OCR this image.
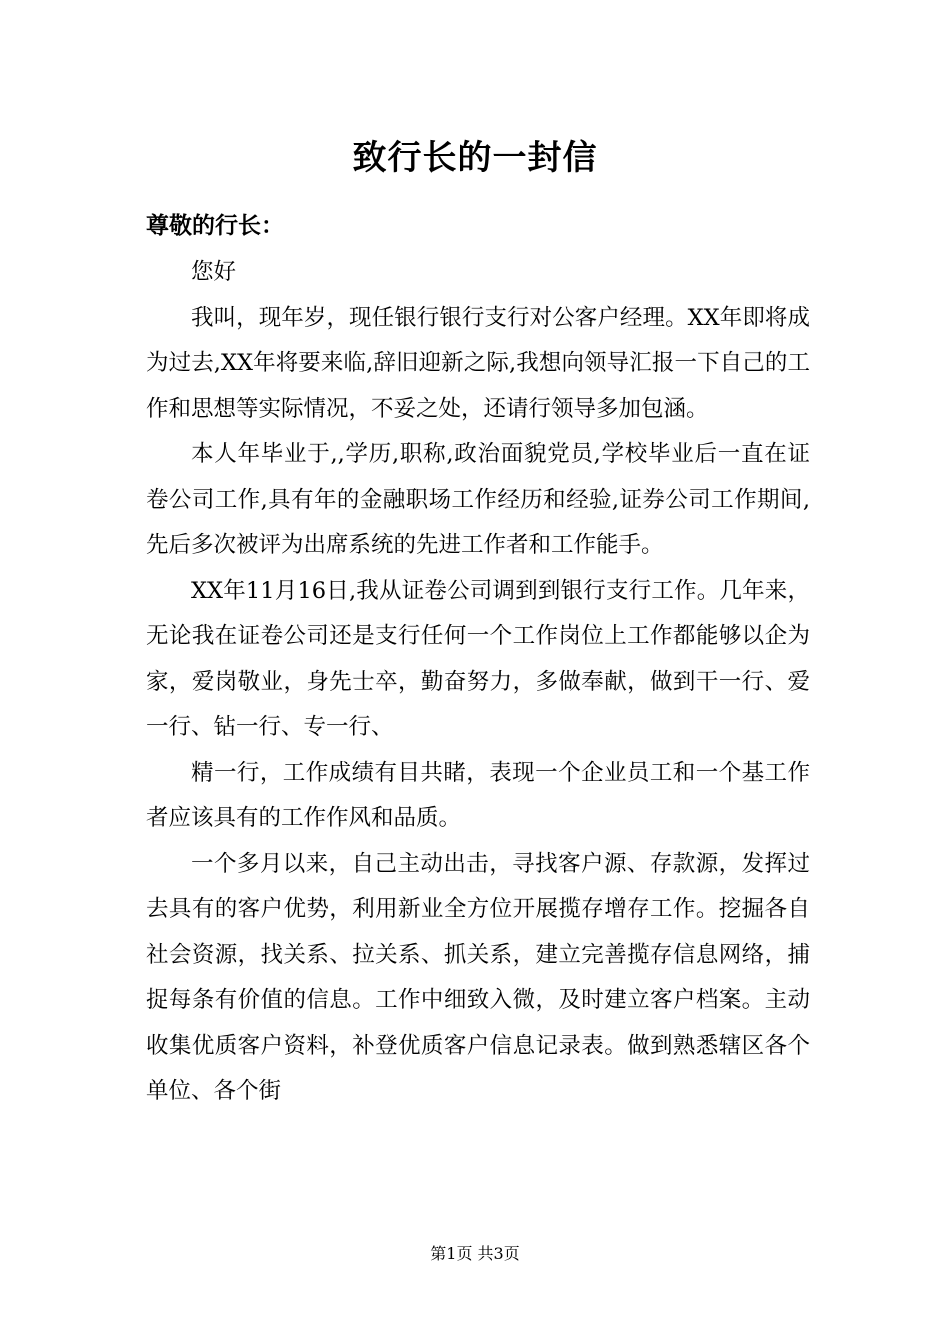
致行长的一封信
尊敬的行长：

您好

我叫，现年岁，现任银行银行支行对公客户经理。XX年即将成为过去,XX年将要来临,辞旧迎新之际,我想向领导汇报一下自己的工作和思想等实际情况，不妥之处，还请行领导多加包涵。

本人年毕业于,,学历,职称,政治面貌党员,学校毕业后一直在证卷公司工作,具有年的金融职场工作经历和经验,证券公司工作期间,先后多次被评为出席系统的先进工作者和工作能手。

XX年11月16日,我从证卷公司调到到银行支行工作。几年来，无论我在证卷公司还是支行任何一个工作岗位上工作都能够以企为家，爱岗敬业，身先士卒，勤奋努力，多做奉献，做到干一行、爱一行、钻一行、专一行、

精一行，工作成绩有目共睹，表现一个企业员工和一个基工作者应该具有的工作作风和品质。

一个多月以来，自己主动出击，寻找客户源、存款源，发挥过去具有的客户优势，利用新业全方位开展揽存增存工作。挖掘各自社会资源，找关系、拉关系、抓关系，建立完善揽存信息网络，捕捉每条有价值的信息。工作中细致入微，及时建立客户档案。主动收集优质客户资料，补登优质客户信息记录表。做到熟悉辖区各个单位、各个街

第1页 共3页
